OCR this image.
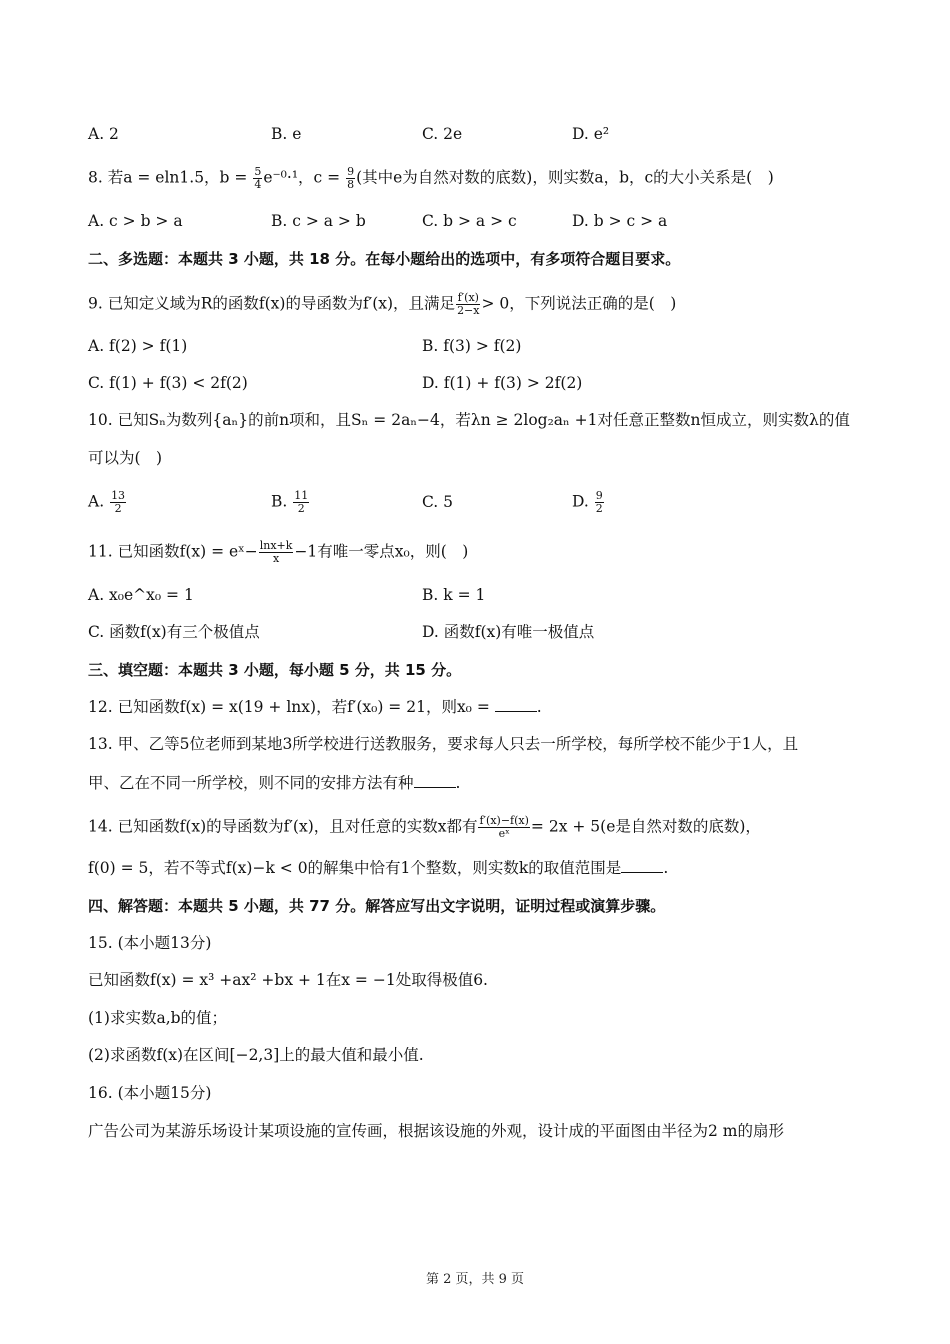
A. 2	B. e	C. 2e	D. e²
8. 若a = eln1.5，$b = \frac{5}{4} e^{-0}\cdot^1$，$c = \frac{9}{8}$ (其中e为自然对数的底数)，则实数a，b，c的大小关系是(　)
A. c > b > a	B. c > a > b	C. b > a > c	D. b > c > a
二、多选题：本题共 3 小题，共 18 分。在每小题给出的选项中，有多项符合题目要求。
9. 已知定义域为R的函数f(x)的导函数为f′(x)，且满足 $\frac{f'(x)}{2-x} > 0$，下列说法正确的是(　)
A. f(2) > f(1)	B. f(3) > f(2)
C. f(1) + f(3) < 2f(2)	D. f(1) + f(3) > 2f(2)
10. 已知Sₙ为数列{aₙ}的前n项和，且Sₙ = 2aₙ−4，若λn ≥ 2log₂aₙ +1对任意正整数n恒成立，则实数λ的值
可以为(　)
A. $\frac{13}{2}$	B. $\frac{11}{2}$	C. 5	D. $\frac{9}{2}$
11. 已知函数f(x) = eˣ− $\frac{\ln x+k}{x} -1$有唯一零点x₀，则(　)
A. x₀e^x₀ = 1	B. k = 1
C. 函数f(x)有三个极值点	D. 函数f(x)有唯一极值点
三、填空题：本题共 3 小题，每小题 5 分，共 15 分。
12. 已知函数f(x) = x(19 + lnx)，若f′(x₀) = 21，则x₀ =	.
13. 甲、乙等5位老师到某地3所学校进行送教服务，要求每人只去一所学校，每所学校不能少于1人，且
甲、乙在不同一所学校，则不同的安排方法有种	.
14. 已知函数f(x)的导函数为f′(x)，且对任意的实数x都有 $\frac{f'(x)-f(x)}{\text{eˣ}} = 2x + 5(e$是自然对数的底数)，
f(0) = 5，若不等式f(x)−k < 0的解集中恰有1个整数，则实数k的取值范围是	.
四、解答题：本题共 5 小题，共 77 分。解答应写出文字说明，证明过程或演算步骤。
15. (本小题13分)
已知函数f(x) = x³ +ax² +bx + 1在x = −1处取得极值6.
(1)求实数a,b的值；
(2)求函数f(x)在区间[−2,3]上的最大值和最小值.
16. (本小题15分)
广告公司为某游乐场设计某项设施的宣传画，根据该设施的外观，设计成的平面图由半径为2 m的扇形
第 2 页，共 9 页
